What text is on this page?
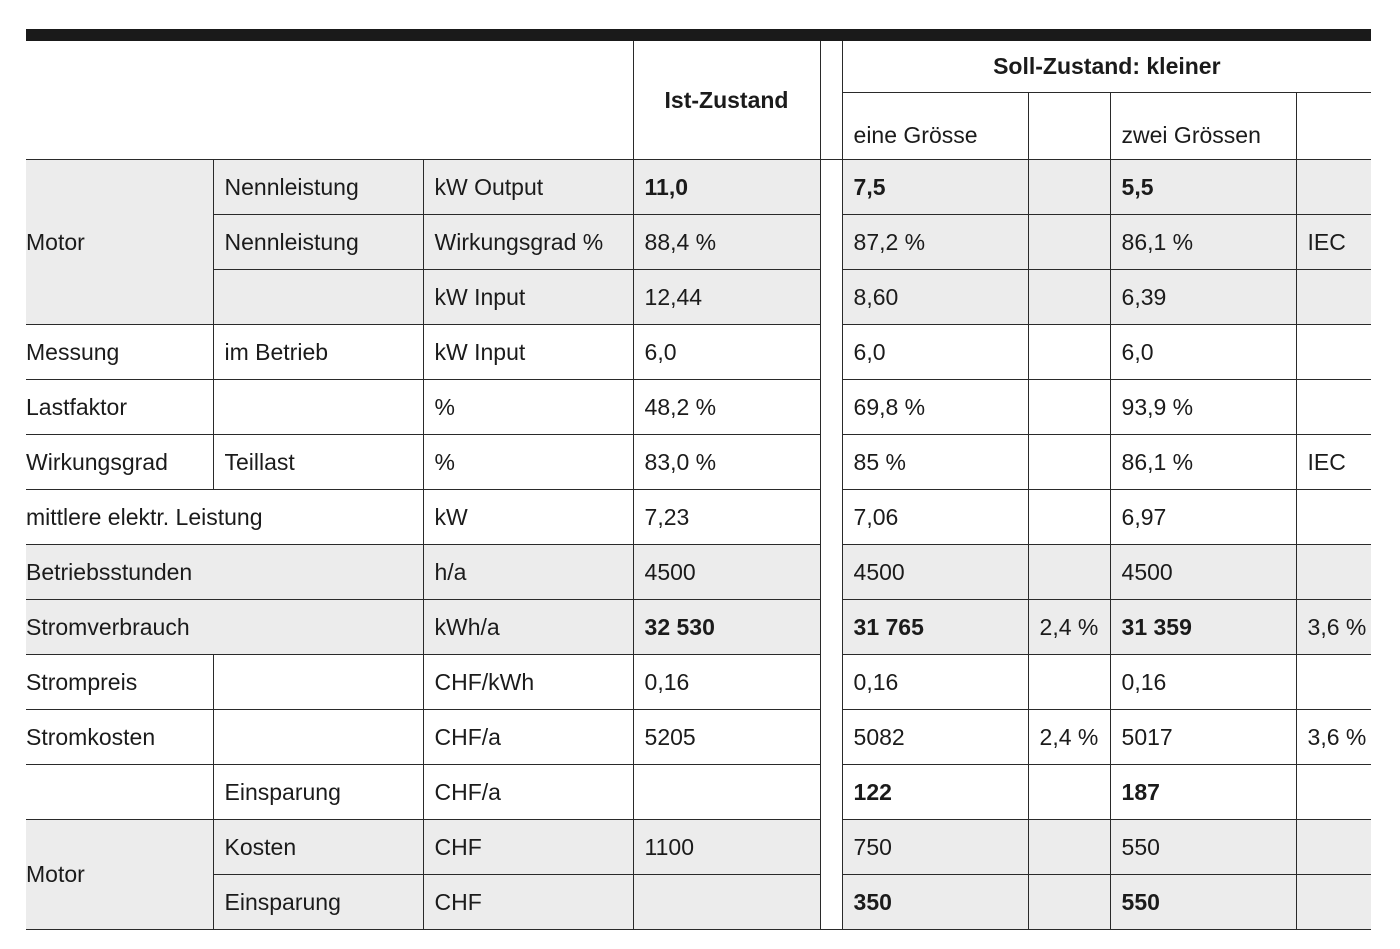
			Ist-Zustand		Soll-Zustand: kleiner			
					eine Grösse		zwei Grössen	
Motor	Nennleistung	kW Output	11,0		7,5		5,5	
	Nennleistung	Wirkungsgrad %	88,4 %		87,2 %		86,1 %	IEC
		kW Input	12,44		8,60		6,39	
Messung	im Betrieb	kW Input	6,0		6,0		6,0	
Lastfaktor		%	48,2 %		69,8 %		93,9 %	
Wirkungsgrad	Teillast	%	83,0 %		85 %		86,1 %	IEC
mittlere elektr. Leistung		kW	7,23		7,06		6,97	
Betriebsstunden		h/a	4500		4500		4500	
Stromverbrauch		kWh/a	32 530		31 765	2,4 %	31 359	3,6 %
Strompreis		CHF/kWh	0,16		0,16		0,16	
Stromkosten		CHF/a	5205		5082	2,4 %	5017	3,6 %
	Einsparung	CHF/a			122		187	
Motor	Kosten	CHF	1100		750		550	
	Einsparung	CHF			350		550	
